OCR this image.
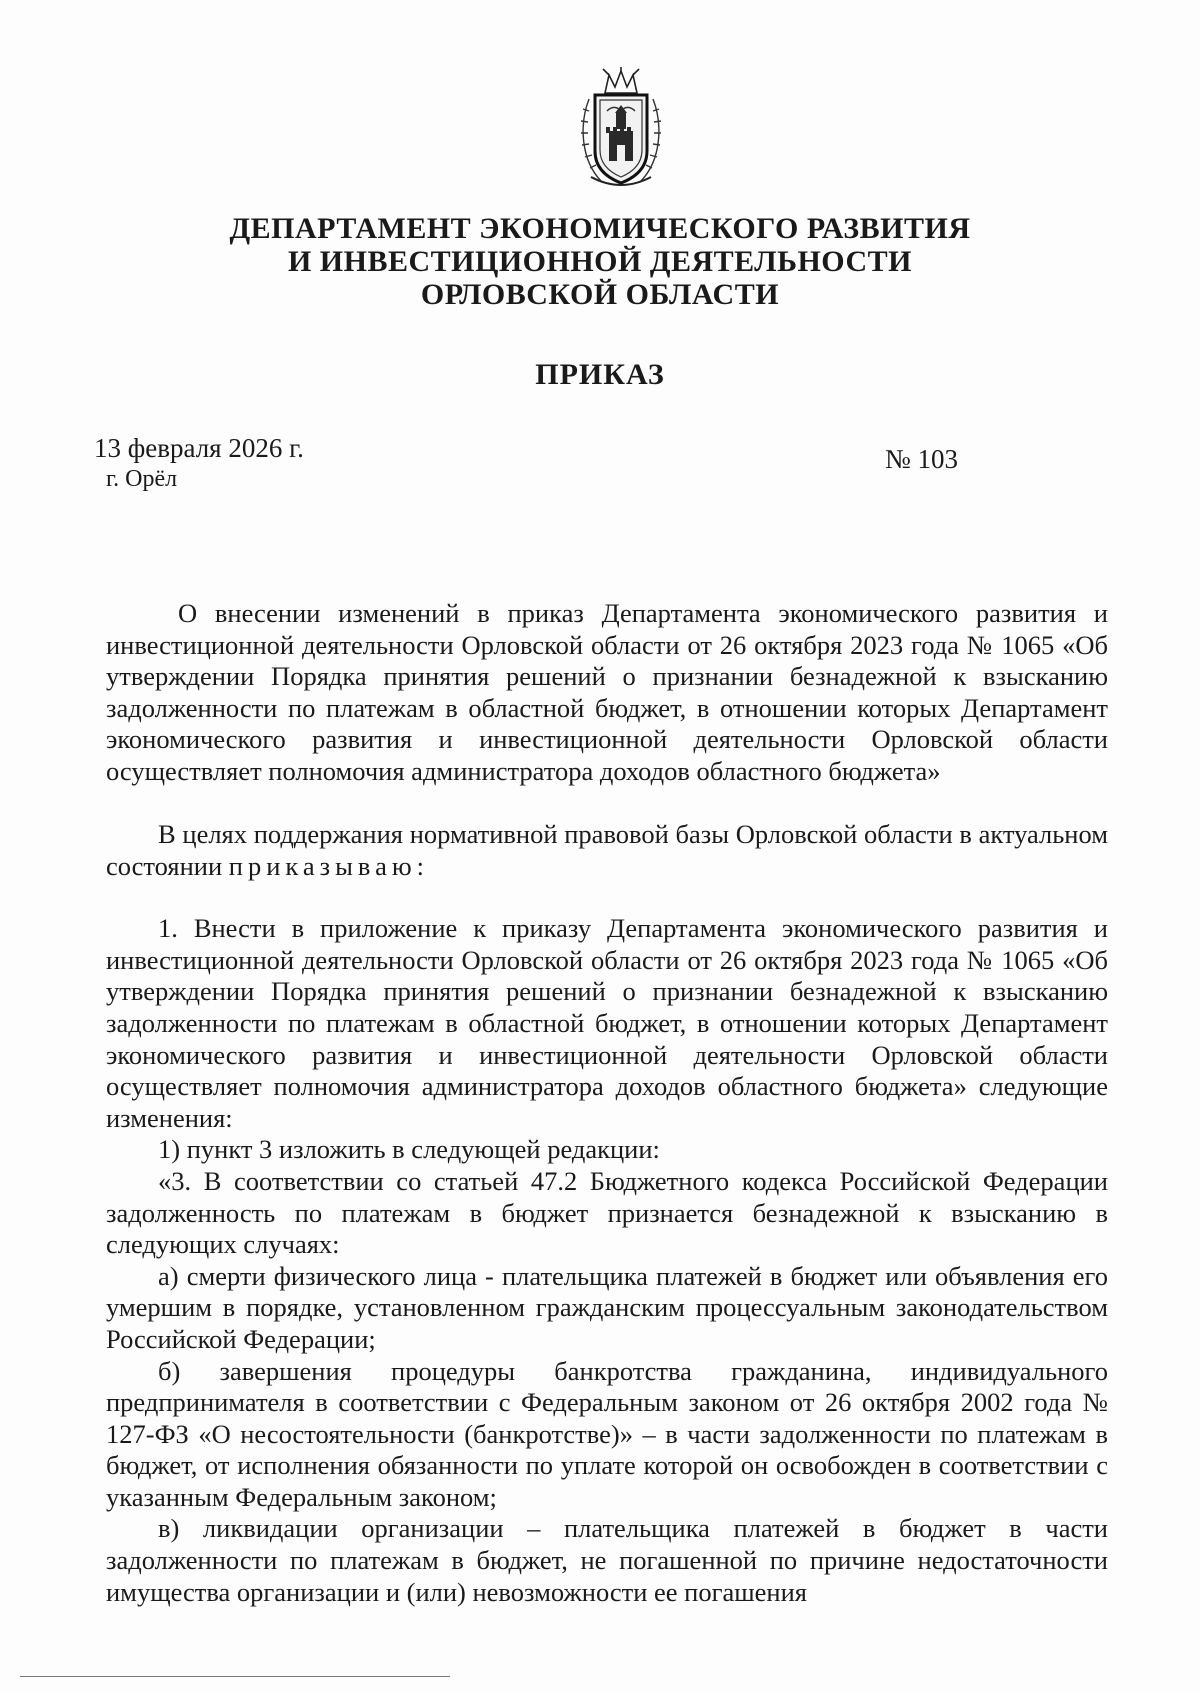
ДЕПАРТАМЕНТ ЭКОНОМИЧЕСКОГО РАЗВИТИЯ
И ИНВЕСТИЦИОННОЙ ДЕЯТЕЛЬНОСТИ
ОРЛОВСКОЙ ОБЛАСТИ
ПРИКАЗ
13 февраля 2026 г.
г. Орёл
№ 103
О внесении изменений в приказ Департамента экономического развития и инвестиционной деятельности Орловской области от 26 октября 2023 года № 1065 «Об утверждении Порядка принятия решений о признании безнадежной к взысканию задолженности по платежам в областной бюджет, в отношении которых Департамент экономического развития и инвестиционной деятельности Орловской области осуществляет полномочия администратора доходов областного бюджета»

В целях поддержания нормативной правовой базы Орловской области в актуальном состоянии приказываю:

1. Внести в приложение к приказу Департамента экономического развития и инвестиционной деятельности Орловской области от 26 октября 2023 года № 1065 «Об утверждении Порядка принятия решений о признании безнадежной к взысканию задолженности по платежам в областной бюджет, в отношении которых Департамент экономического развития и инвестиционной деятельности Орловской области осуществляет полномочия администратора доходов областного бюджета» следующие изменения:

1) пункт 3 изложить в следующей редакции:

«3. В соответствии со статьей 47.2 Бюджетного кодекса Российской Федерации задолженность по платежам в бюджет признается безнадежной к взысканию в следующих случаях:

а) смерти физического лица - плательщика платежей в бюджет или объявления его умершим в порядке, установленном гражданским процессуальным законодательством Российской Федерации;

б) завершения процедуры банкротства гражданина, индивидуального предпринимателя в соответствии с Федеральным законом от 26 октября 2002 года № 127-ФЗ «О несостоятельности (банкротстве)» – в части задолженности по платежам в бюджет, от исполнения обязанности по уплате которой он освобожден в соответствии с указанным Федеральным законом;

в) ликвидации организации – плательщика платежей в бюджет в части задолженности по платежам в бюджет, не погашенной по причине недостаточности имущества организации и (или) невозможности ее погашения
